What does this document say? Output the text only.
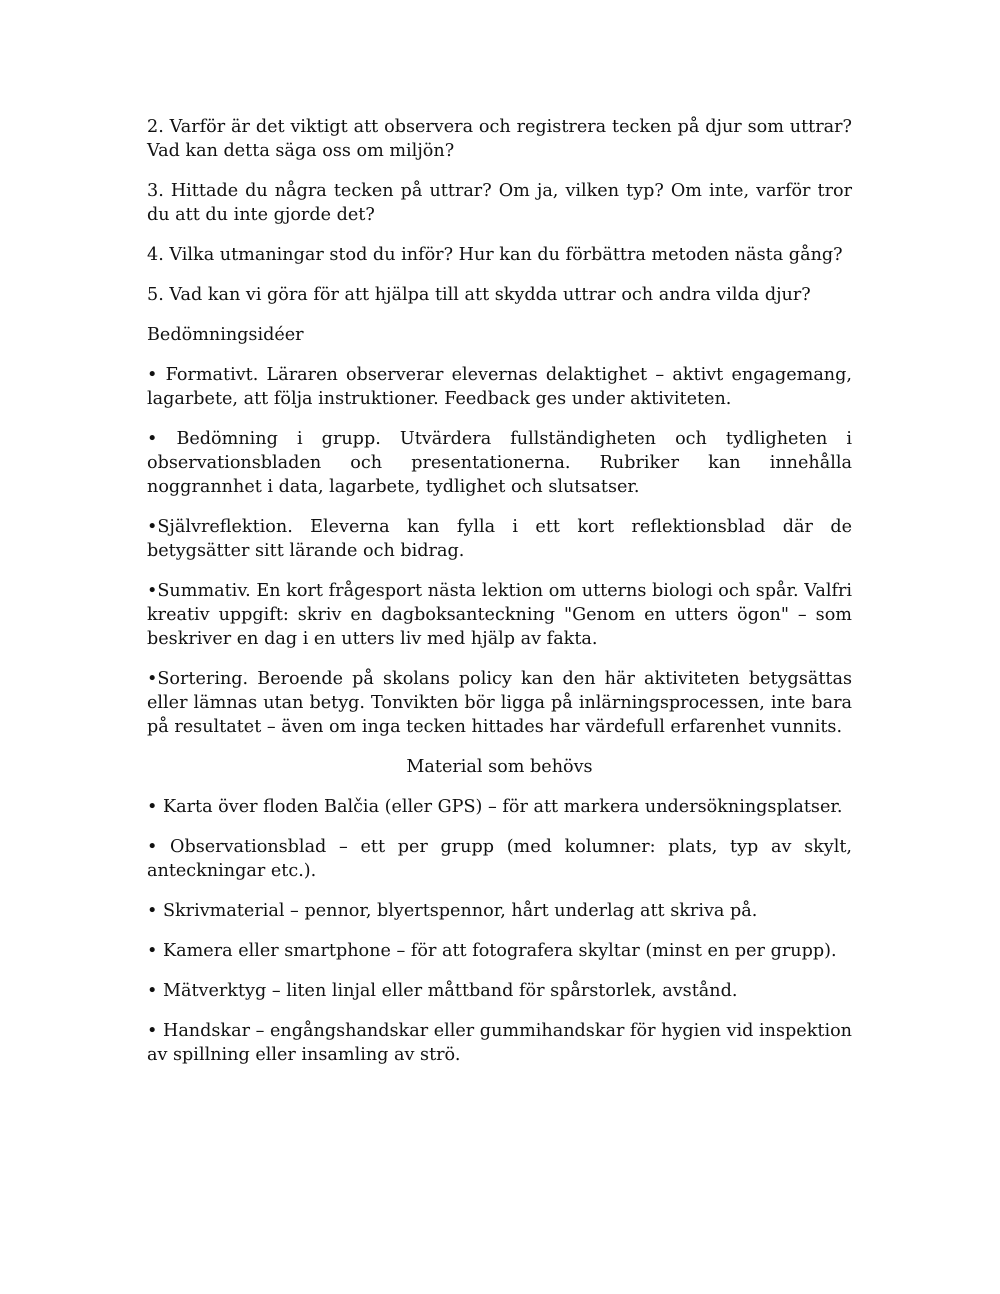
2. Varför är det viktigt att observera och registrera tecken på djur som uttrar? Vad kan detta säga oss om miljön?

3. Hittade du några tecken på uttrar? Om ja, vilken typ? Om inte, varför tror du att du inte gjorde det?

4. Vilka utmaningar stod du inför? Hur kan du förbättra metoden nästa gång?

5. Vad kan vi göra för att hjälpa till att skydda uttrar och andra vilda djur?

Bedömningsidéer

• Formativt. Läraren observerar elevernas delaktighet – aktivt engagemang, lagarbete, att följa instruktioner. Feedback ges under aktiviteten.

• Bedömning i grupp. Utvärdera fullständigheten och tydligheten i observationsbladen och presentationerna. Rubriker kan innehålla noggrannhet i data, lagarbete, tydlighet och slutsatser.

•Självreflektion. Eleverna kan fylla i ett kort reflektionsblad där de betygsätter sitt lärande och bidrag.

•Summativ. En kort frågesport nästa lektion om utterns biologi och spår. Valfri kreativ uppgift: skriv en dagboksanteckning "Genom en utters ögon" – som beskriver en dag i en utters liv med hjälp av fakta.

•Sortering. Beroende på skolans policy kan den här aktiviteten betygsättas eller lämnas utan betyg. Tonvikten bör ligga på inlärningsprocessen, inte bara på resultatet – även om inga tecken hittades har värdefull erfarenhet vunnits.

Material som behövs

• Karta över floden Balčia (eller GPS) – för att markera undersökningsplatser.

• Observationsblad – ett per grupp (med kolumner: plats, typ av skylt, anteckningar etc.).

• Skrivmaterial – pennor, blyertspennor, hårt underlag att skriva på.

• Kamera eller smartphone – för att fotografera skyltar (minst en per grupp).

• Mätverktyg – liten linjal eller måttband för spårstorlek, avstånd.

• Handskar – engångshandskar eller gummihandskar för hygien vid inspektion av spillning eller insamling av strö.
